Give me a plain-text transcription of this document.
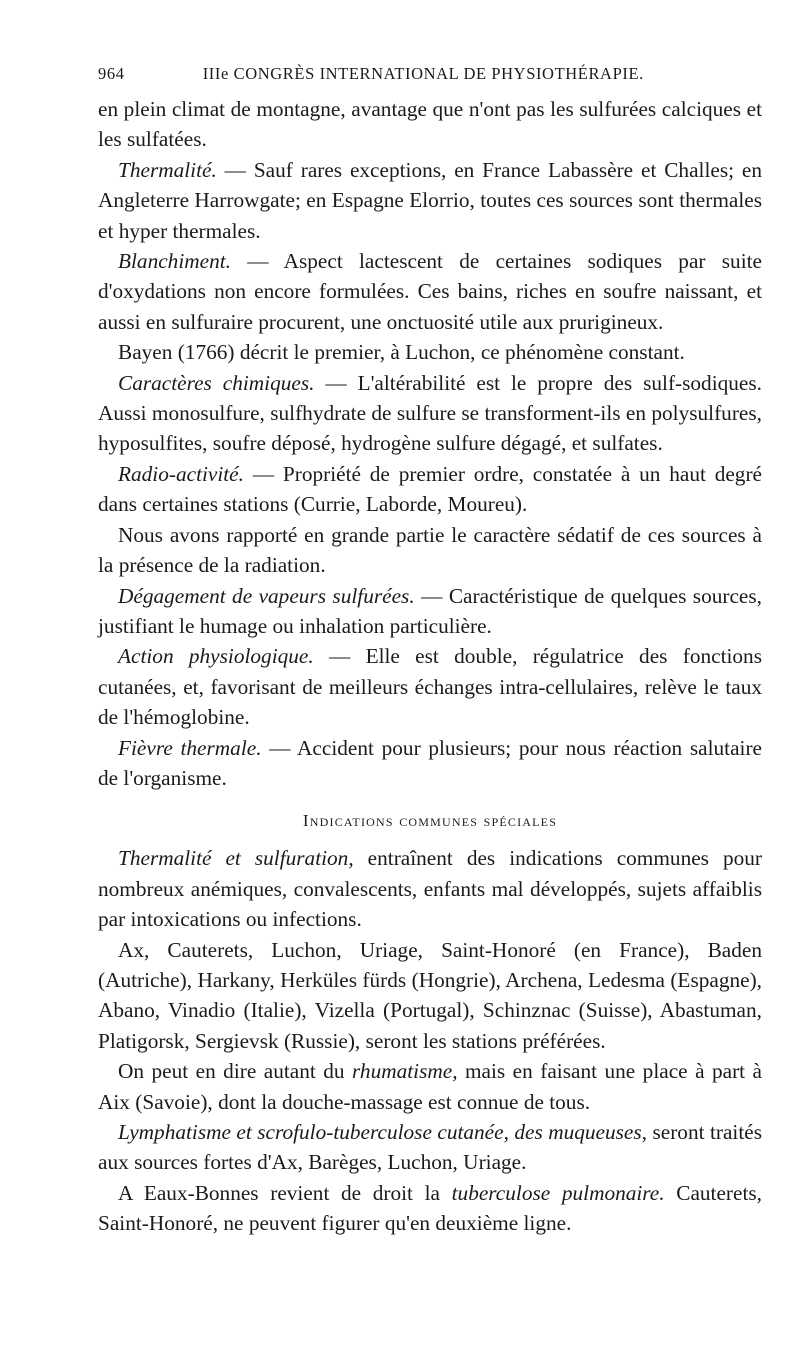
964	IIIe CONGRÈS INTERNATIONAL DE PHYSIOTHÉRAPIE.

en plein climat de montagne, avantage que n'ont pas les sulfurées calciques et les sulfatées.

Thermalité. — Sauf rares exceptions, en France Labassère et Challes; en Angleterre Harrowgate; en Espagne Elorrio, toutes ces sources sont thermales et hyper thermales.

Blanchiment. — Aspect lactescent de certaines sodiques par suite d'oxydations non encore formulées. Ces bains, riches en soufre naissant, et aussi en sulfuraire procurent, une onctuosité utile aux prurigineux.

Bayen (1766) décrit le premier, à Luchon, ce phénomène constant.

Caractères chimiques. — L'altérabilité est le propre des sulf-sodiques. Aussi monosulfure, sulfhydrate de sulfure se transforment-ils en polysulfures, hyposulfites, soufre déposé, hydrogène sulfure dégagé, et sulfates.

Radio-activité. — Propriété de premier ordre, constatée à un haut degré dans certaines stations (Currie, Laborde, Moureu).

Nous avons rapporté en grande partie le caractère sédatif de ces sources à la présence de la radiation.

Dégagement de vapeurs sulfurées. — Caractéristique de quelques sources, justifiant le humage ou inhalation particulière.

Action physiologique. — Elle est double, régulatrice des fonctions cutanées, et, favorisant de meilleurs échanges intra-cellulaires, relève le taux de l'hémoglobine.

Fièvre thermale. — Accident pour plusieurs; pour nous réaction salutaire de l'organisme.

Indications communes spéciales

Thermalité et sulfuration, entraînent des indications communes pour nombreux anémiques, convalescents, enfants mal développés, sujets affaiblis par intoxications ou infections.

Ax, Cauterets, Luchon, Uriage, Saint-Honoré (en France), Baden (Autriche), Harkany, Herküles fürds (Hongrie), Archena, Ledesma (Espagne), Abano, Vinadio (Italie), Vizella (Portugal), Schinznac (Suisse), Abastuman, Platigorsk, Sergievsk (Russie), seront les stations préférées.

On peut en dire autant du rhumatisme, mais en faisant une place à part à Aix (Savoie), dont la douche-massage est connue de tous.

Lymphatisme et scrofulo-tuberculose cutanée, des muqueuses, seront traités aux sources fortes d'Ax, Barèges, Luchon, Uriage.

A Eaux-Bonnes revient de droit la tuberculose pulmonaire. Cauterets, Saint-Honoré, ne peuvent figurer qu'en deuxième ligne.
